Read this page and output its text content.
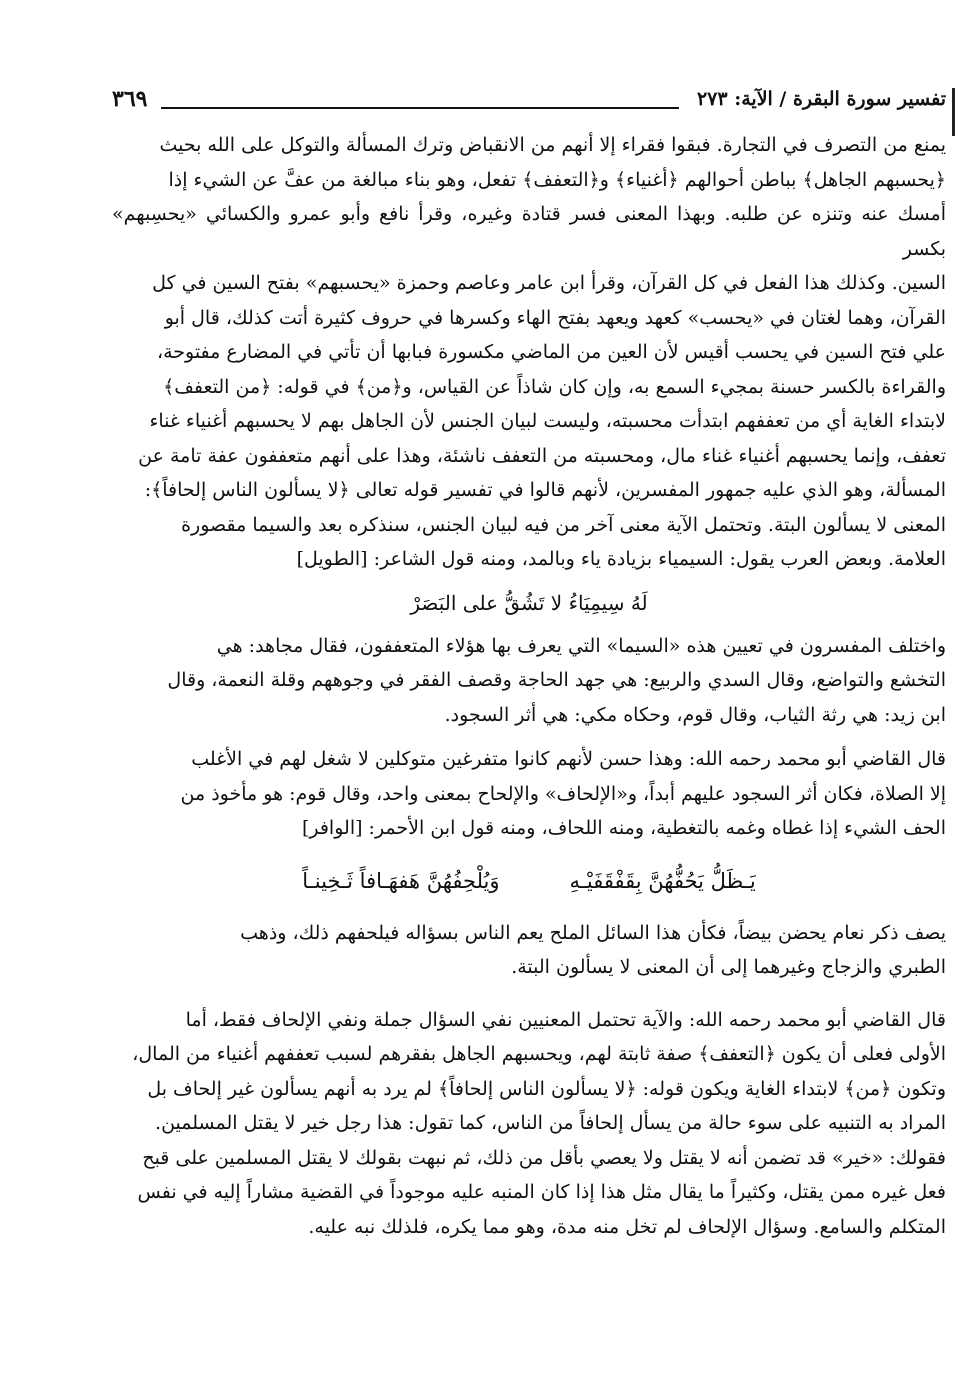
تفسير سورة البقرة / الآية: ٢٧٣
٣٦٩

يمنع من التصرف في التجارة. فبقوا فقراء إلا أنهم من الانقباض وترك المسألة والتوكل على الله بحيث

﴿يحسبهم الجاهل﴾ بباطن أحوالهم ﴿أغنياء﴾ و﴿التعفف﴾ تفعل، وهو بناء مبالغة من عفَّ عن الشيء إذا

أمسك عنه وتنزه عن طلبه. وبهذا المعنى فسر قتادة وغيره، وقرأ نافع وأبو عمرو والكسائي «يحسِبهم» بكسر

السين. وكذلك هذا الفعل في كل القرآن، وقرأ ابن عامر وعاصم وحمزة «يحسبهم» بفتح السين في كل

القرآن، وهما لغتان في «يحسب» كعهد ويعهد بفتح الهاء وكسرها في حروف كثيرة أتت كذلك، قال أبو

علي فتح السين في يحسب أقيس لأن العين من الماضي مكسورة فبابها أن تأتي في المضارع مفتوحة،

والقراءة بالكسر حسنة بمجيء السمع به، وإن كان شاذاً عن القياس، و﴿من﴾ في قوله: ﴿من التعفف﴾

لابتداء الغاية أي من تعففهم ابتدأت محسبته، وليست لبيان الجنس لأن الجاهل بهم لا يحسبهم أغنياء غناء

تعفف، وإنما يحسبهم أغنياء غناء مال، ومحسبته من التعفف ناشئة، وهذا على أنهم متعففون عفة تامة عن

المسألة، وهو الذي عليه جمهور المفسرين، لأنهم قالوا في تفسير قوله تعالى ﴿لا يسألون الناس إلحافاً﴾:

المعنى لا يسألون البتة. وتحتمل الآية معنى آخر من فيه لبيان الجنس، سنذكره بعد والسيما مقصورة

العلامة. وبعض العرب يقول: السيمياء بزيادة ياء وبالمد، ومنه قول الشاعر: [الطويل]

لَهُ سِيمِيَاءُ لا تَشُقُّ على البَصَرْ

واختلف المفسرون في تعيين هذه «السيما» التي يعرف بها هؤلاء المتعففون، فقال مجاهد: هي

التخشع والتواضع، وقال السدي والربيع: هي جهد الحاجة وقصف الفقر في وجوههم وقلة النعمة، وقال

ابن زيد: هي رثة الثياب، وقال قوم، وحكاه مكي: هي أثر السجود.

قال القاضي أبو محمد رحمه الله: وهذا حسن لأنهم كانوا متفرغين متوكلين لا شغل لهم في الأغلب

إلا الصلاة، فكان أثر السجود عليهم أبداً، و«الإلحاف» والإلحاح بمعنى واحد، وقال قوم: هو مأخوذ من

الحف الشيء إذا غطاه وغمه بالتغطية، ومنه اللحاف، ومنه قول ابن الأحمر: [الوافر]

يَـظَلُّ يَحُفُّهُنَّ بِقَفْقَفَيْـهِ
وَيُلْحِفُهُنَّ هَفهَـافاً ثَـخِينـاً

يصف ذكر نعام يحضن بيضاً، فكأن هذا السائل الملح يعم الناس بسؤاله فيلحفهم ذلك، وذهب

الطبري والزجاج وغيرهما إلى أن المعنى لا يسألون البتة.

قال القاضي أبو محمد رحمه الله: والآية تحتمل المعنيين نفي السؤال جملة ونفي الإلحاف فقط، أما

الأولى فعلى أن يكون ﴿التعفف﴾ صفة ثابتة لهم، ويحسبهم الجاهل بفقرهم لسبب تعففهم أغنياء من المال،

وتكون ﴿من﴾ لابتداء الغاية ويكون قوله: ﴿لا يسألون الناس إلحافاً﴾ لم يرد به أنهم يسألون غير إلحاف بل

المراد به التنبيه على سوء حالة من يسأل إلحافاً من الناس، كما تقول: هذا رجل خير لا يقتل المسلمين.

فقولك: «خير» قد تضمن أنه لا يقتل ولا يعصي بأقل من ذلك، ثم نبهت بقولك لا يقتل المسلمين على قبح

فعل غيره ممن يقتل، وكثيراً ما يقال مثل هذا إذا كان المنبه عليه موجوداً في القضية مشاراً إليه في نفس

المتكلم والسامع. وسؤال الإلحاف لم تخل منه مدة، وهو مما يكره، فلذلك نبه عليه.
